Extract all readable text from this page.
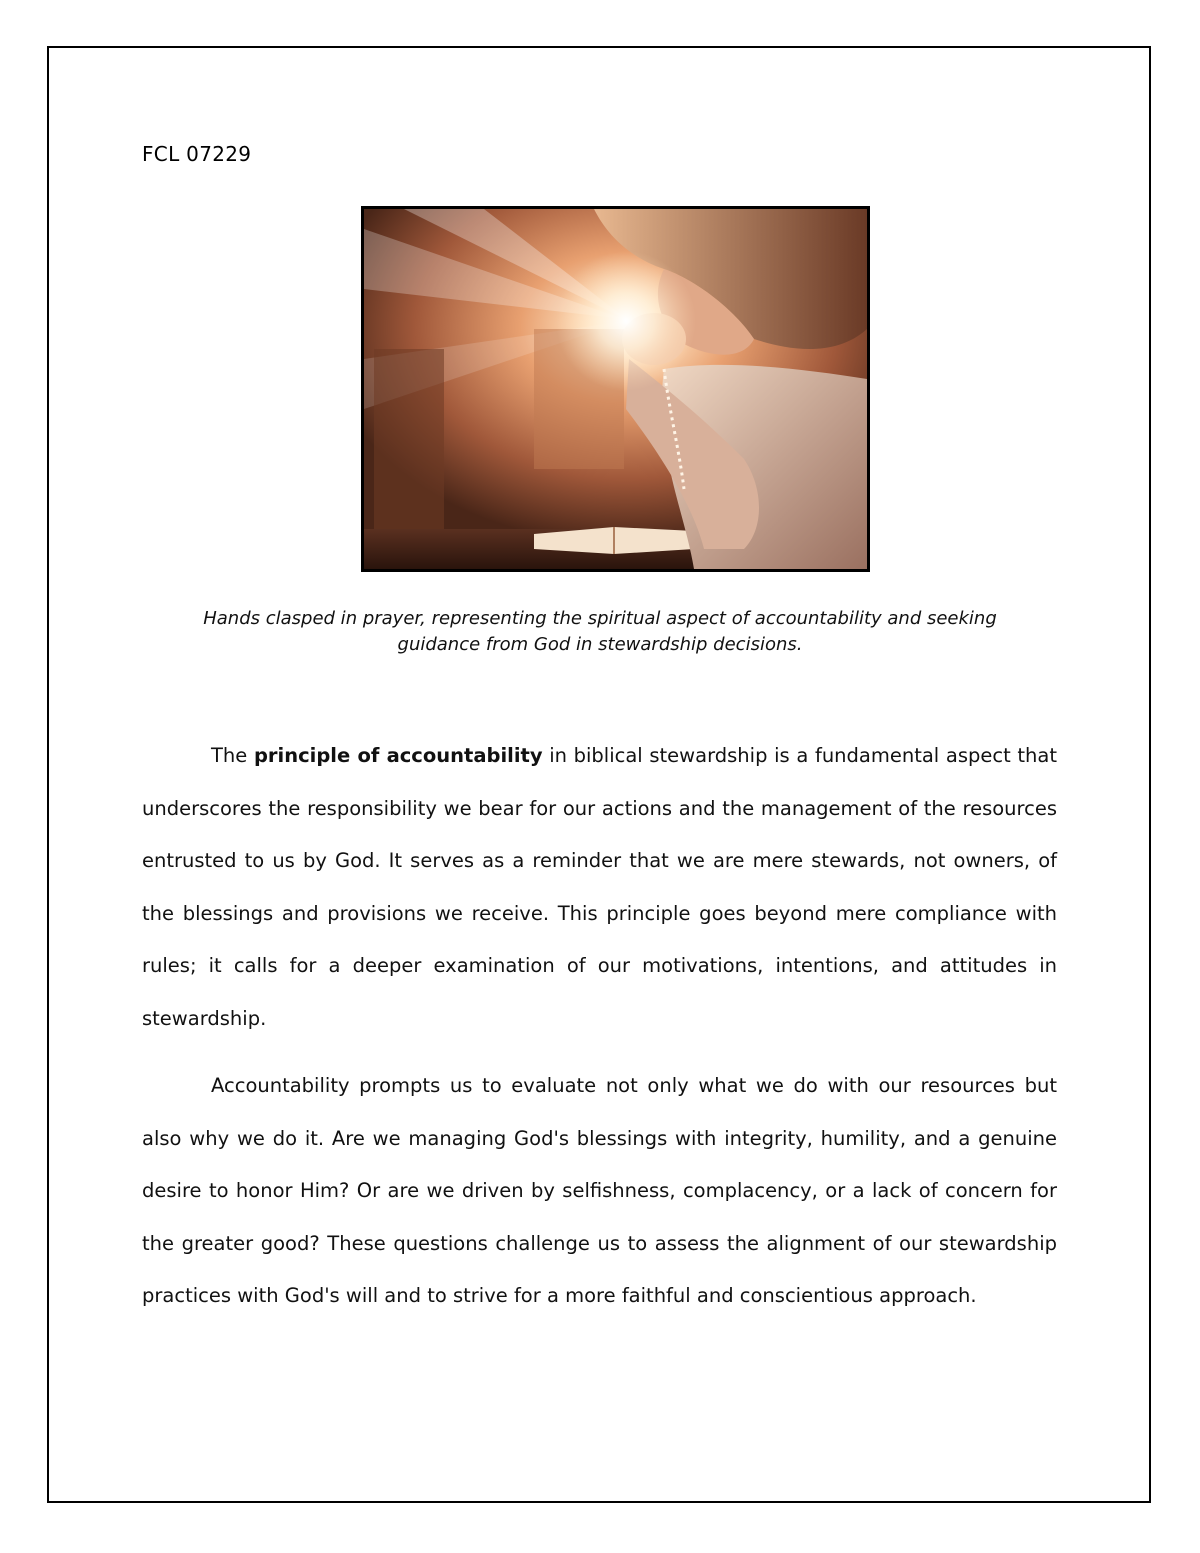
FCL 07229
Hands clasped in prayer, representing the spiritual aspect of accountability and seeking
guidance from God in stewardship decisions.

The principle of accountability in biblical stewardship is a fundamental aspect that underscores the responsibility we bear for our actions and the management of the resources entrusted to us by God. It serves as a reminder that we are mere stewards, not owners, of the blessings and provisions we receive. This principle goes beyond mere compliance with rules; it calls for a deeper examination of our motivations, intentions, and attitudes in stewardship.

Accountability prompts us to evaluate not only what we do with our resources but also why we do it. Are we managing God's blessings with integrity, humility, and a genuine desire to honor Him? Or are we driven by selfishness, complacency, or a lack of concern for the greater good? These questions challenge us to assess the alignment of our stewardship practices with God's will and to strive for a more faithful and conscientious approach.
